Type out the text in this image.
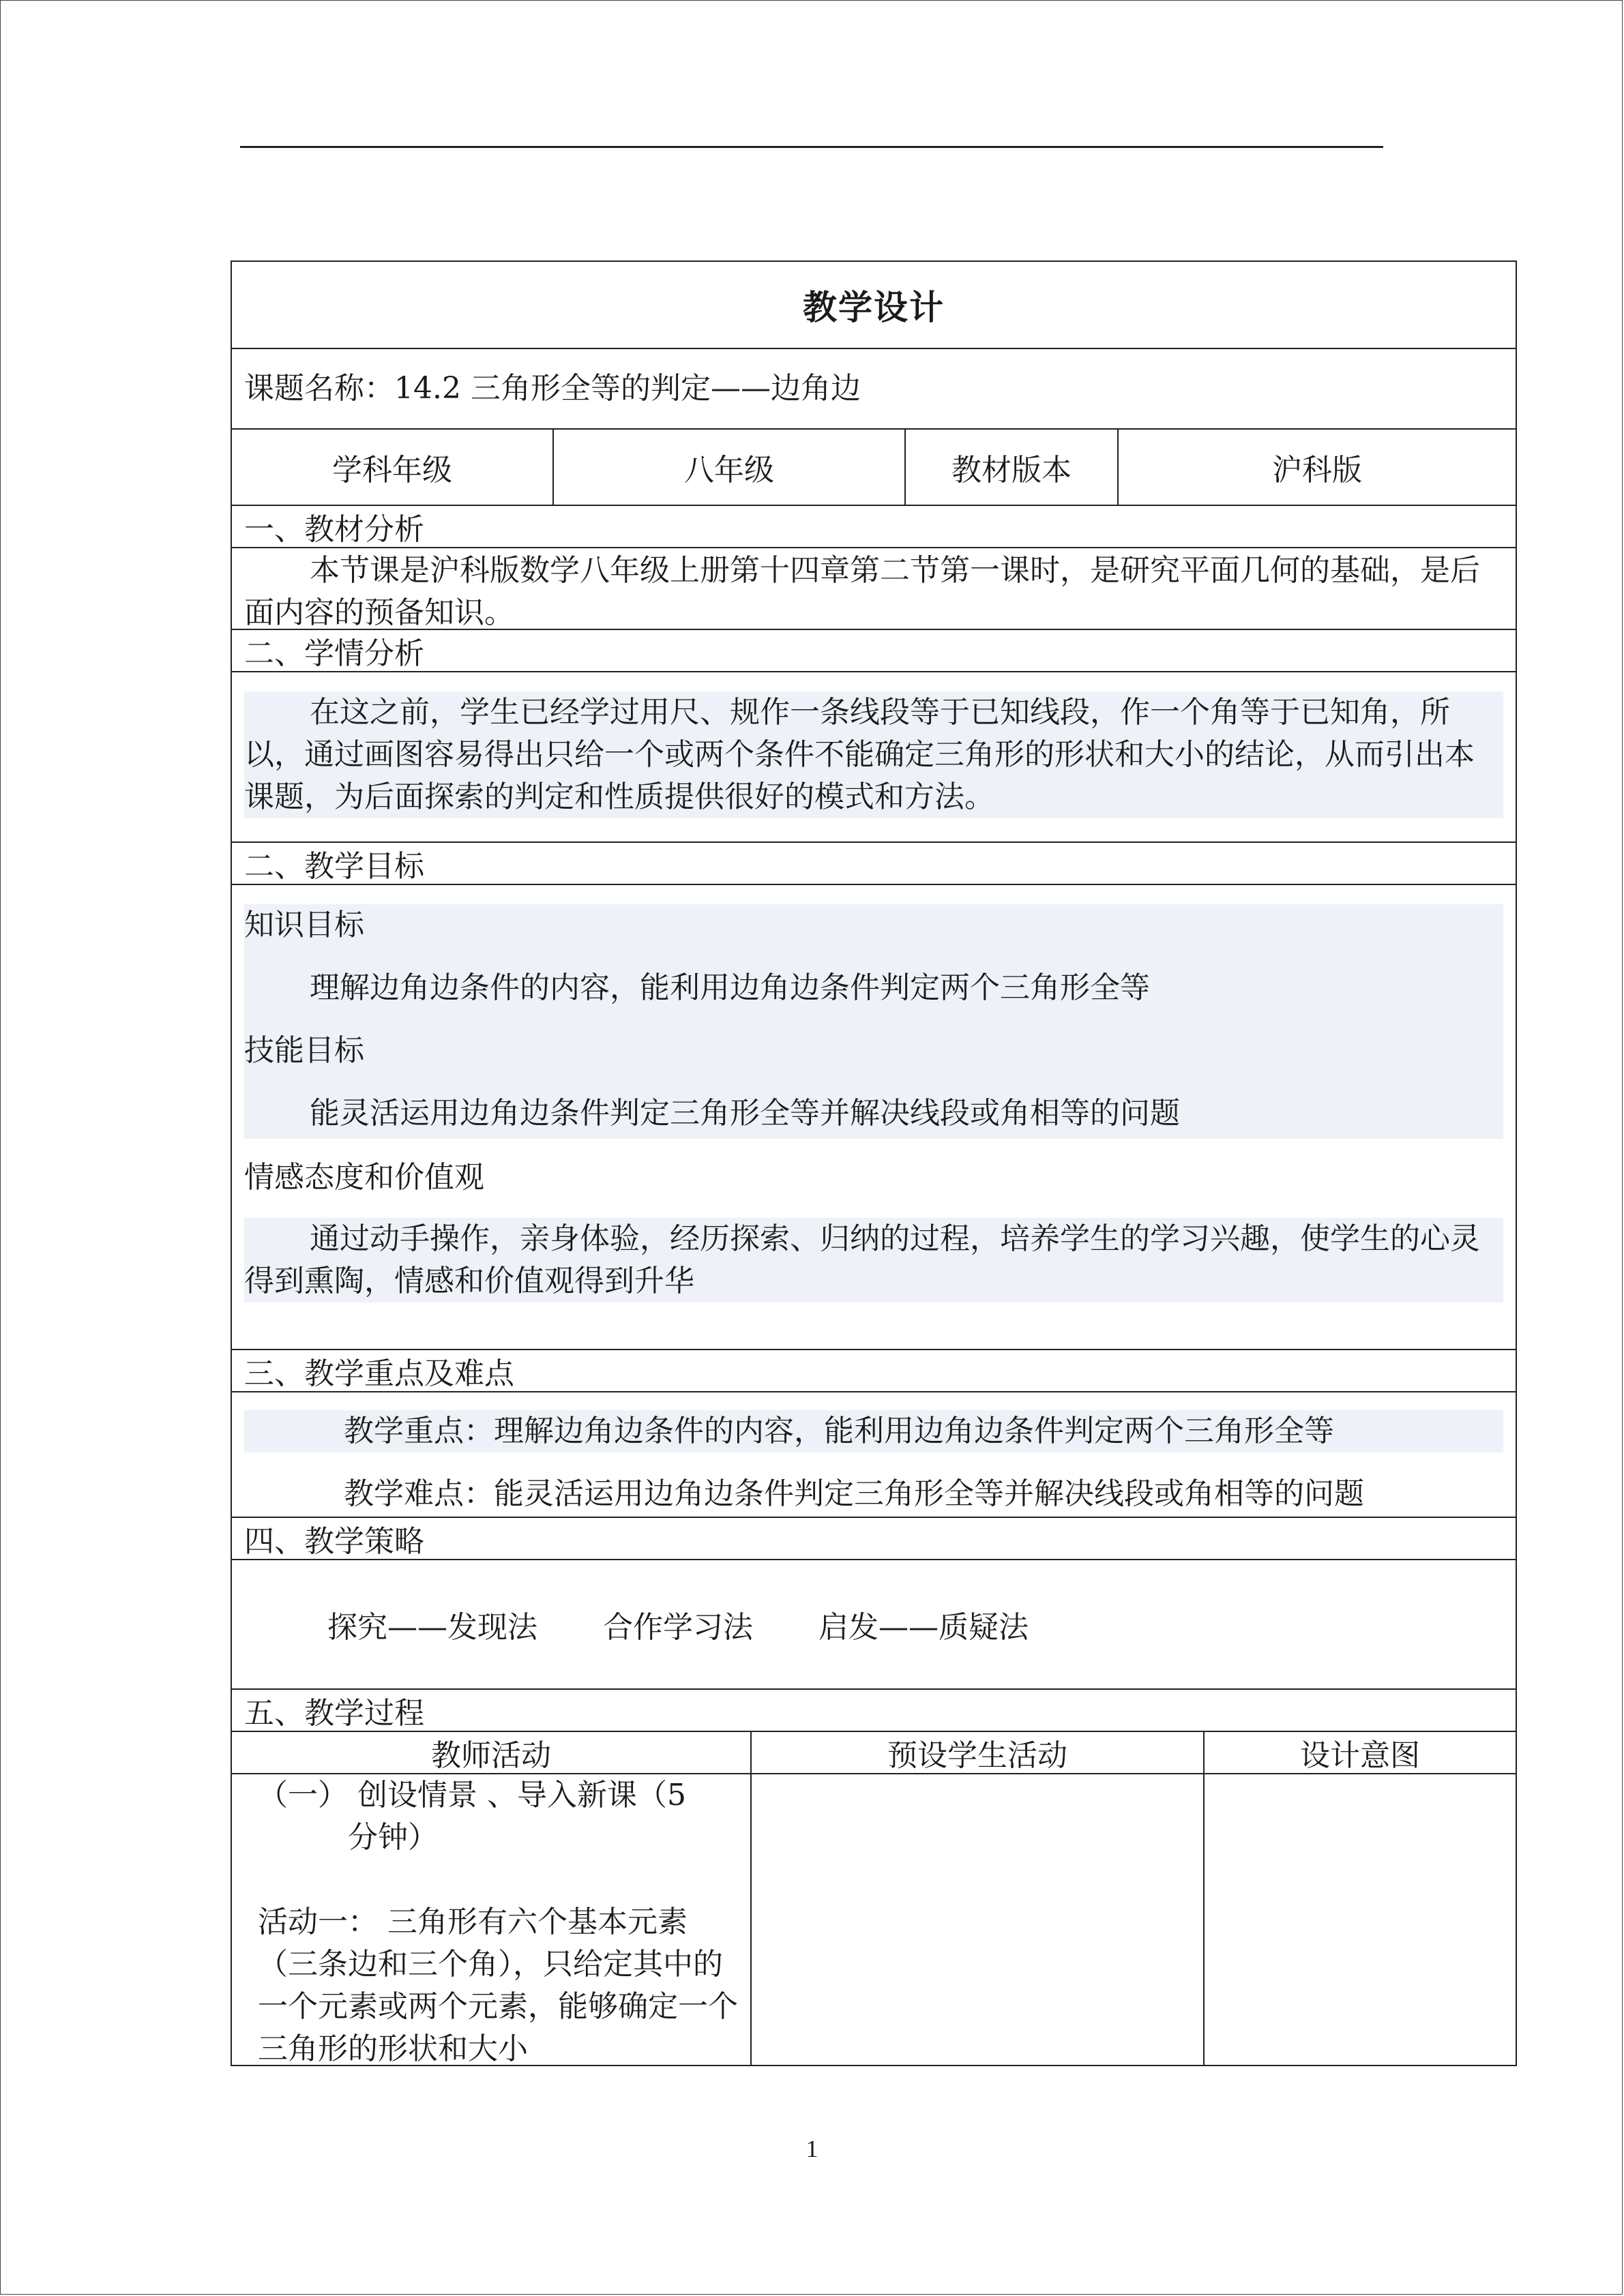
教学设计
课题名称：14.2 三角形全等的判定——边角边
学科年级	八年级	教材版本	沪科版
一、教材分析
本节课是沪科版数学八年级上册第十四章第二节第一课时，是研究平面几何的基础，是后面内容的预备知识。
二、学情分析
在这之前，学生已经学过用尺、规作一条线段等于已知线段，作一个角等于已知角，所以，通过画图容易得出只给一个或两个条件不能确定三角形的形状和大小的结论，从而引出本课题，为后面探索的判定和性质提供很好的模式和方法。
二、教学目标
知识目标
理解边角边条件的内容，能利用边角边条件判定两个三角形全等
技能目标
能灵活运用边角边条件判定三角形全等并解决线段或角相等的问题
情感态度和价值观
通过动手操作，亲身体验，经历探索、归纳的过程，培养学生的学习兴趣，使学生的心灵得到熏陶，情感和价值观得到升华
三、教学重点及难点
教学重点：理解边角边条件的内容，能利用边角边条件判定两个三角形全等
教学难点：能灵活运用边角边条件判定三角形全等并解决线段或角相等的问题
四、教学策略
探究——发现法 合作学习法 启发——质疑法
五、教学过程
教师活动	预设学生活动	设计意图
（一） 创设情景 、导入新课（5
分钟）
活动一： 三角形有六个基本元素（三条边和三个角），只给定其中的一个元素或两个元素，能够确定一个三角形的形状和大小
1
